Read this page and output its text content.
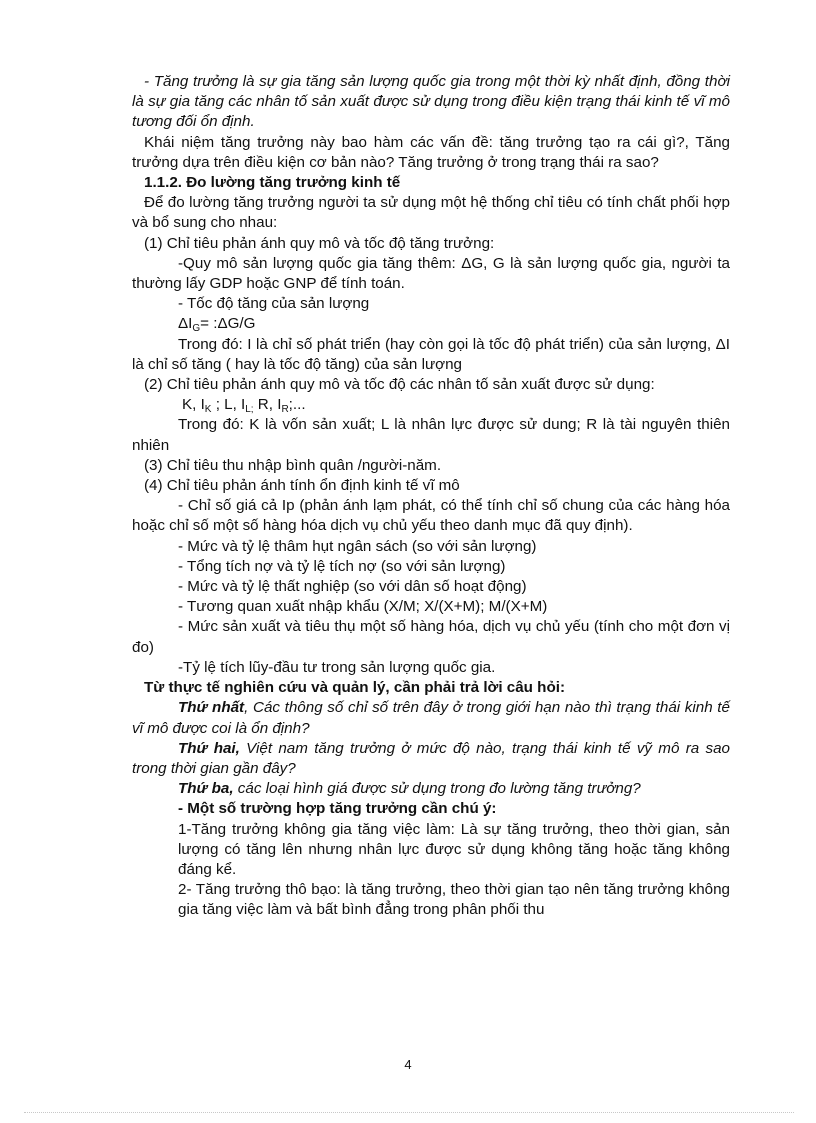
- Tăng trưởng là sự gia tăng sản lượng quốc gia trong một thời kỳ nhất định, đồng thời là sự gia tăng các nhân tố sản xuất được sử dụng trong điều kiện trạng thái kinh tế vĩ mô tương đối ổn định.

Khái niệm tăng trưởng này bao hàm các vấn đề: tăng trưởng tạo ra cái gì?, Tăng trưởng dựa trên điều kiện cơ bản nào? Tăng trưởng ở trong trạng thái ra sao?

1.1.2. Đo lường tăng trưởng kinh tế

Để đo lường tăng trưởng người ta sử dụng một hệ thống chỉ tiêu có tính chất phối hợp và bổ sung cho nhau:

(1) Chỉ tiêu phản ánh quy mô và tốc độ tăng trưởng:

-Quy mô sản lượng quốc gia tăng thêm: ΔG, G là sản lượng quốc gia, người ta thường lấy GDP hoặc GNP để tính toán.

- Tốc độ tăng của sản lượng

$\Delta I_G=$ :ΔG/G

Trong đó: I là chỉ số phát triển (hay còn gọi là tốc độ phát triển) của sản lượng, ΔI là chỉ số tăng ( hay là tốc độ tăng) của sản lượng

(2) Chỉ tiêu phản ánh quy mô và tốc độ các nhân tố sản xuất được sử dụng:

K, $I_K$ ; L, $I_{L;}$ R, $I_R$;...

Trong đó: K là vốn sản xuất; L là nhân lực được sử dung; R là tài nguyên thiên nhiên

(3) Chỉ tiêu thu nhập bình quân /người-năm.

(4) Chỉ tiêu phản ánh tính ổn định kinh tế vĩ mô

- Chỉ số giá cả Ip (phản ánh lạm phát, có thể tính chỉ số chung của các hàng hóa hoặc chỉ số một số hàng hóa dịch vụ chủ yếu theo danh mục đã quy định).

- Mức và tỷ lệ thâm hụt ngân sách (so với sản lượng)

- Tổng tích nợ và tỷ lệ tích nợ (so với sản lượng)

- Mức và tỷ lệ thất nghiệp (so với dân số hoạt động)

- Tương quan xuất nhập khẩu (X/M; X/(X+M); M/(X+M)

- Mức sản xuất và tiêu thụ một số hàng hóa, dịch vụ chủ yếu (tính cho một đơn vị đo)

-Tỷ lệ tích lũy-đầu tư trong sản lượng quốc gia.

Từ thực tế nghiên cứu và quản lý, cần phải trả lời câu hỏi:

Thứ nhất, Các thông số chỉ số trên đây ở trong giới hạn nào thì trạng thái kinh tế vĩ mô được coi là ổn định?

Thứ hai, Việt nam tăng trưởng ở mức độ nào, trạng thái kinh tế vỹ mô ra sao trong thời gian gần đây?

Thứ ba, các loại hình giá được sử dụng trong đo lường tăng trưởng?

- Một số trường hợp tăng trưởng cần chú ý:

1-Tăng trưởng không gia tăng việc làm: Là sự tăng trưởng, theo thời gian, sản lượng có tăng lên nhưng nhân lực được sử dụng không tăng hoặc tăng không đáng kể.

2- Tăng trưởng thô bạo: là tăng trưởng, theo thời gian tạo nên tăng trưởng không gia tăng việc làm và bất bình đẳng trong phân phối thu

4
